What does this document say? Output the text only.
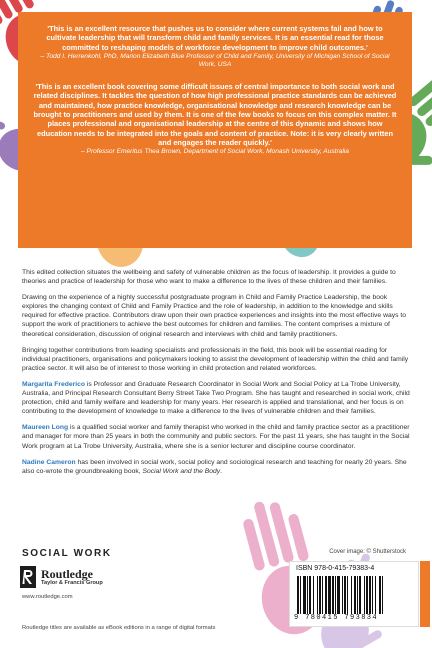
'This is an excellent resource that pushes us to consider where current systems fail and how to cultivate leadership that will transform child and family services. It is an essential read for those committed to reshaping models of workforce development to improve child outcomes.'
– Todd I. Herrenkohl, PhD, Marion Elizabeth Blue Professor of Child and Family, University of Michigan School of Social Work, USA
'This is an excellent book covering some difficult issues of central importance to both social work and related disciplines. It tackles the question of how high professional practice standards can be achieved and maintained, how practice knowledge, organisational knowledge and research knowledge can be brought to practitioners and used by them. It is one of the few books to focus on this complex matter. It places professional and organisational leadership at the centre of this dynamic and shows how education needs to be integrated into the goals and content of practice. Note: it is very clearly written and engages the reader quickly.'
– Professor Emeritus Thea Brown, Department of Social Work, Monash University, Australia

This edited collection situates the wellbeing and safety of vulnerable children as the focus of leadership. It provides a guide to theories and practice of leadership for those who want to make a difference to the lives of these children and their families.

Drawing on the experience of a highly successful postgraduate program in Child and Family Practice Leadership, the book explores the changing context of Child and Family Practice and the role of leadership, in addition to the knowledge and skills required for effective practice. Contributors draw upon their own practice experiences and insights into the most effective ways to support the work of practitioners to achieve the best outcomes for children and families. The content comprises a mixture of theoretical consideration, discussion of original research and interviews with child and family practitioners.

Bringing together contributions from leading specialists and professionals in the field, this book will be essential reading for individual practitioners, organisations and policymakers looking to assist the development of leadership within the child and family practice sector. It will also be of interest to those working in child protection and related workforces.

Margarita Frederico is Professor and Graduate Research Coordinator in Social Work and Social Policy at La Trobe University, Australia, and Principal Research Consultant Berry Street Take Two Program. She has taught and researched in social work, child protection, child and family welfare and leadership for many years. Her research is applied and translational, and her focus is on contributing to the development of knowledge to make a difference to the lives of vulnerable children and their families.

Maureen Long is a qualified social worker and family therapist who worked in the child and family practice sector as a practitioner and manager for more than 25 years in both the community and public sectors. For the past 11 years, she has taught in the Social Work program at La Trobe University, Australia, where she is a senior lecturer and discipline course coordinator.

Nadine Cameron has been involved in social work, social policy and sociological research and teaching for nearly 20 years. She also co-wrote the groundbreaking book, Social Work and the Body.

SOCIAL WORK	Cover image: © Shutterstock
Routledge
Taylor & Francis Group
www.routledge.com
Routledge titles are available as eBook editions in a range of digital formats
ISBN 978-0-415-79383-4
9 780415 793834
